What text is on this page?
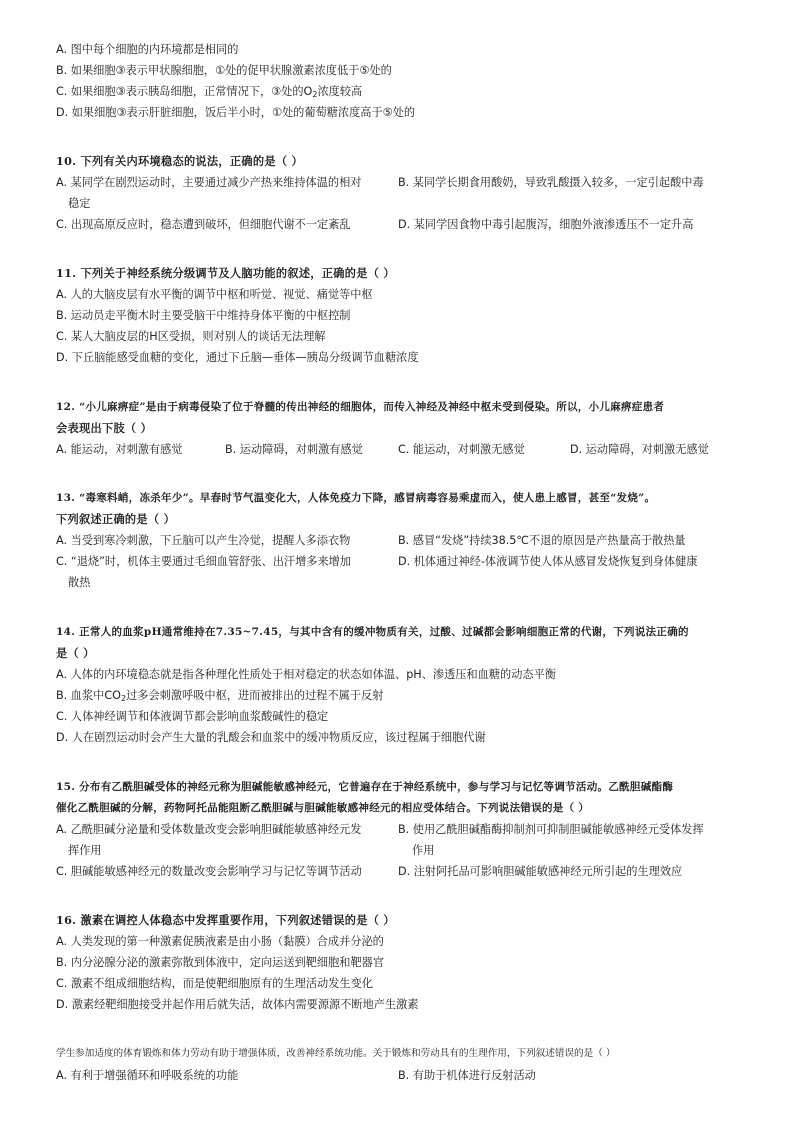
A. 图中每个细胞的内环境都是相同的
B. 如果细胞③表示甲状腺细胞，①处的促甲状腺激素浓度低于⑤处的
C. 如果细胞③表示胰岛细胞，正常情况下，③处的$O_2$浓度较高
D. 如果细胞③表示肝脏细胞，饭后半小时，①处的葡萄糖浓度高于⑤处的
10. 下列有关内环境稳态的说法，正确的是（ ）
A. 某同学在剧烈运动时，主要通过减少产热来维持体温的相对
稳定
B. 某同学长期食用酸奶，导致乳酸摄入较多，一定引起酸中毒
C. 出现高原反应时，稳态遭到破坏，但细胞代谢不一定紊乱	D. 某同学因食物中毒引起腹泻，细胞外液渗透压不一定升高
11. 下列关于神经系统分级调节及人脑功能的叙述，正确的是（ ）
A. 人的大脑皮层有水平衡的调节中枢和听觉、视觉、痛觉等中枢
B. 运动员走平衡木时主要受脑干中维持身体平衡的中枢控制
C. 某人大脑皮层的H区受损，则对别人的谈话无法理解
D. 下丘脑能感受血糖的变化，通过下丘脑—垂体—胰岛分级调节血糖浓度
12. “小儿麻痹症”是由于病毒侵染了位于脊髓的传出神经的细胞体，而传入神经及神经中枢未受到侵染。所以，小儿麻痹症患者
会表现出下肢（ ）
A. 能运动，对刺激有感觉	B. 运动障碍，对刺激有感觉	C. 能运动，对刺激无感觉	D. 运动障碍，对刺激无感觉
13. “毒寒料峭，冻杀年少”。早春时节气温变化大，人体免疫力下降，感冒病毒容易乘虚而入，使人患上感冒，甚至“发烧”。
下列叙述正确的是（ ）
A. 当受到寒冷刺激，下丘脑可以产生冷觉，提醒人多添衣物	B. 感冒“发烧”持续38.5℃不退的原因是产热量高于散热量
C. “退烧”时，机体主要通过毛细血管舒张、出汗增多来增加
散热
D. 机体通过神经-体液调节使人体从感冒发烧恢复到身体健康
14. 正常人的血浆pH通常维持在7.35~7.45，与其中含有的缓冲物质有关，过酸、过碱都会影响细胞正常的代谢，下列说法正确的
是（ ）
A. 人体的内环境稳态就是指各种理化性质处于相对稳定的状态如体温、pH、渗透压和血糖的动态平衡
B. 血浆中$CO_2$过多会刺激呼吸中枢，进而被排出的过程不属于反射
C. 人体神经调节和体液调节都会影响血浆酸碱性的稳定
D. 人在剧烈运动时会产生大量的乳酸会和血浆中的缓冲物质反应，该过程属于细胞代谢
15. 分布有乙酰胆碱受体的神经元称为胆碱能敏感神经元，它普遍存在于神经系统中，参与学习与记忆等调节活动。乙酰胆碱酯酶
催化乙酰胆碱的分解，药物阿托品能阻断乙酰胆碱与胆碱能敏感神经元的相应受体结合。下列说法错误的是（ ）
A. 乙酰胆碱分泌量和受体数量改变会影响胆碱能敏感神经元发
挥作用
B. 使用乙酰胆碱酯酶抑制剂可抑制胆碱能敏感神经元受体发挥
作用
C. 胆碱能敏感神经元的数量改变会影响学习与记忆等调节活动	D. 注射阿托品可影响胆碱能敏感神经元所引起的生理效应
16. 激素在调控人体稳态中发挥重要作用，下列叙述错误的是（ ）
A. 人类发现的第一种激素促胰液素是由小肠（黏膜）合成并分泌的
B. 内分泌腺分泌的激素弥散到体液中，定向运送到靶细胞和靶器官
C. 激素不组成细胞结构，而是使靶细胞原有的生理活动发生变化
D. 激素经靶细胞接受并起作用后就失活，故体内需要源源不断地产生激素
学生参加适度的体育锻炼和体力劳动有助于增强体质，改善神经系统功能。关于锻炼和劳动具有的生理作用，下列叙述错误的是（ ）
A. 有利于增强循环和呼吸系统的功能	B. 有助于机体进行反射活动
